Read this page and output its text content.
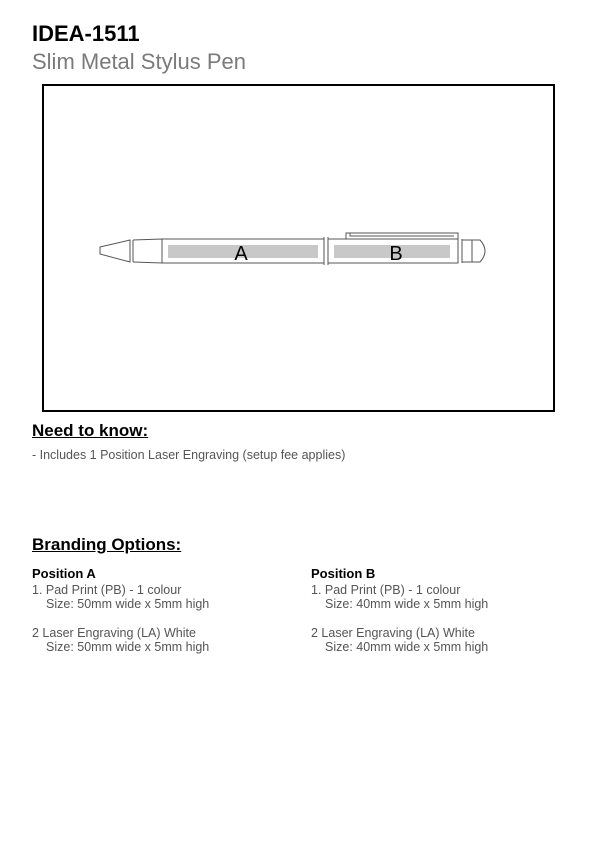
IDEA-1511
Slim Metal Stylus Pen
A	B
Need to know:
- Includes 1 Position Laser Engraving (setup fee applies)
Branding Options:
Position A
1. Pad Print (PB) - 1 colour
Size: 50mm wide x 5mm high
2 Laser Engraving (LA) White
Size: 50mm wide x 5mm high
Position B
1. Pad Print (PB) - 1 colour
Size: 40mm wide x 5mm high
2 Laser Engraving (LA) White
Size: 40mm wide x 5mm high
